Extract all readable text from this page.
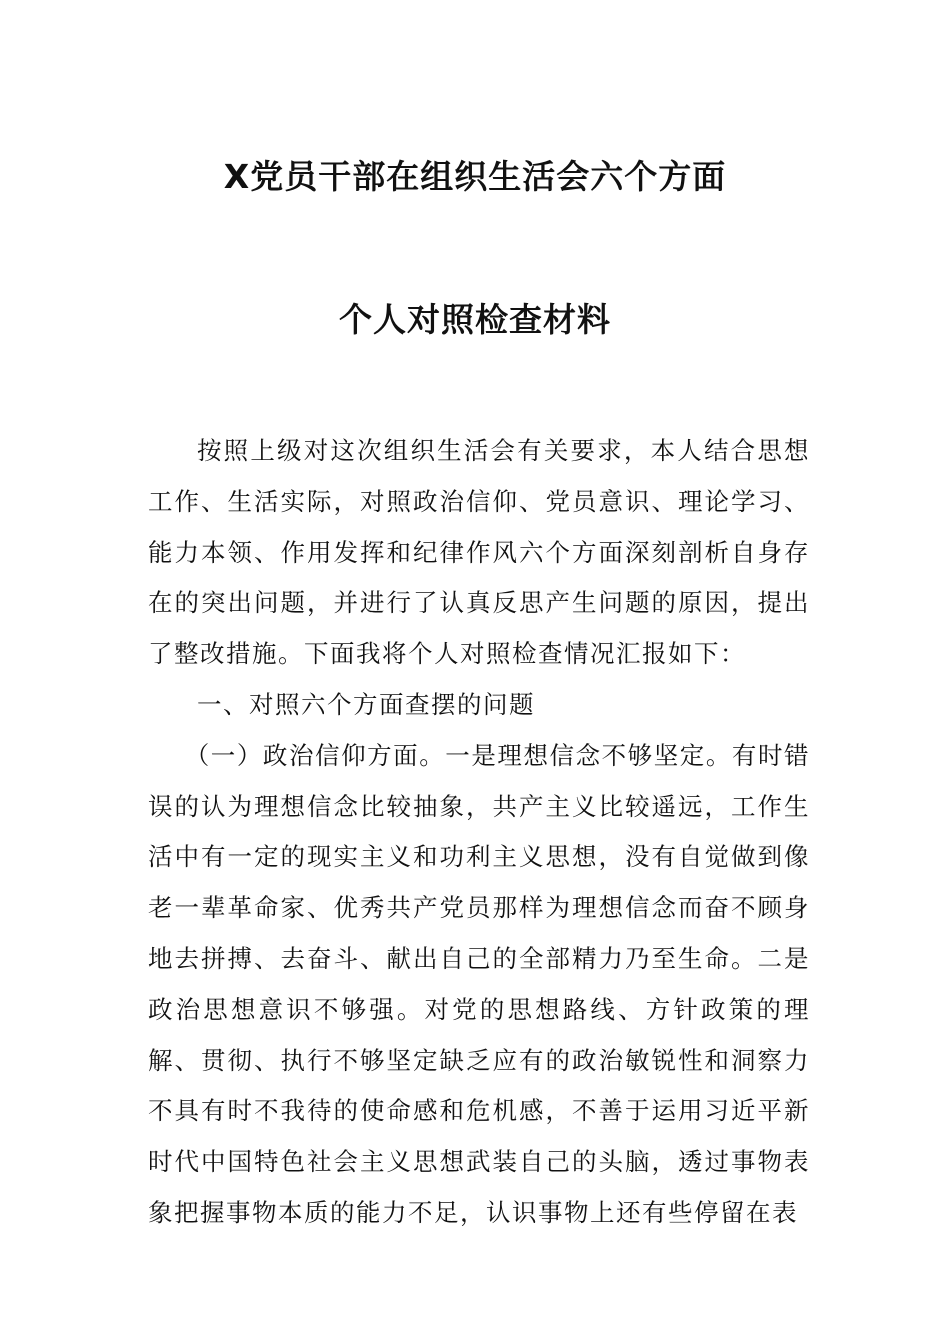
X党员干部在组织生活会六个方面
个人对照检查材料

按照上级对这次组织生活会有关要求，本人结合思想工作、生活实际，对照政治信仰、党员意识、理论学习、能力本领、作用发挥和纪律作风六个方面深刻剖析自身存在的突出问题，并进行了认真反思产生问题的原因，提出了整改措施。下面我将个人对照检查情况汇报如下：

一、对照六个方面查摆的问题

（一）政治信仰方面。一是理想信念不够坚定。有时错误的认为理想信念比较抽象，共产主义比较遥远，工作生活中有一定的现实主义和功利主义思想，没有自觉做到像老一辈革命家、优秀共产党员那样为理想信念而奋不顾身地去拼搏、去奋斗、献出自己的全部精力乃至生命。二是政治思想意识不够强。对党的思想路线、方针政策的理解、贯彻、执行不够坚定缺乏应有的政治敏锐性和洞察力不具有时不我待的使命感和危机感，不善于运用习近平新时代中国特色社会主义思想武装自己的头脑，透过事物表象把握事物本质的能力不足，认识事物上还有些停留在表
